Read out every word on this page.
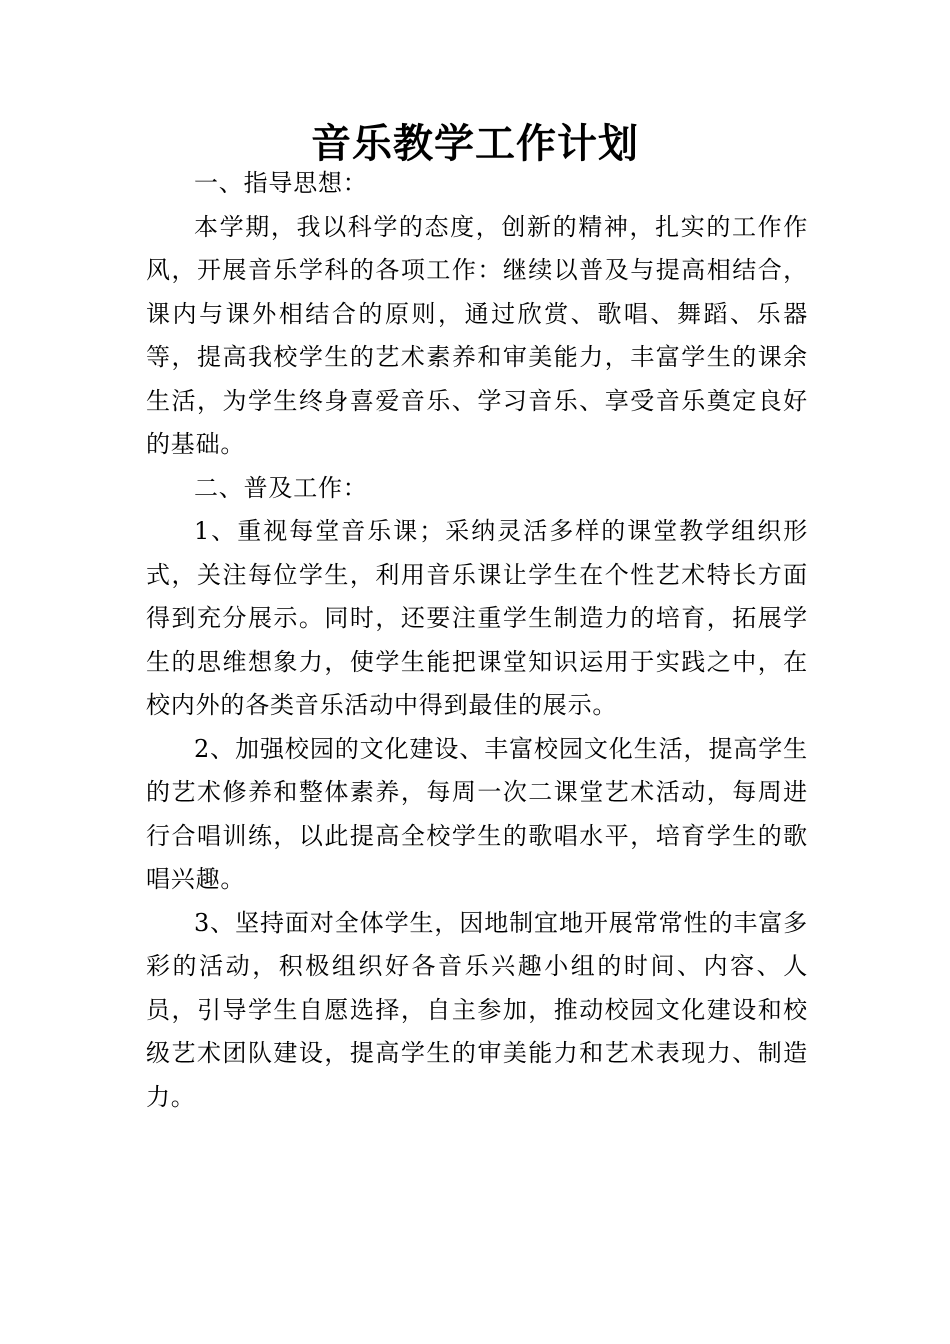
音乐教学工作计划

一、指导思想：

本学期，我以科学的态度，创新的精神，扎实的工作作风，开展音乐学科的各项工作：继续以普及与提高相结合，课内与课外相结合的原则，通过欣赏、歌唱、舞蹈、乐器等，提高我校学生的艺术素养和审美能力，丰富学生的课余生活，为学生终身喜爱音乐、学习音乐、享受音乐奠定良好的基础。

二、普及工作：

1、重视每堂音乐课；采纳灵活多样的课堂教学组织形式，关注每位学生，利用音乐课让学生在个性艺术特长方面得到充分展示。同时，还要注重学生制造力的培育，拓展学生的思维想象力，使学生能把课堂知识运用于实践之中，在校内外的各类音乐活动中得到最佳的展示。

2、加强校园的文化建设、丰富校园文化生活，提高学生的艺术修养和整体素养，每周一次二课堂艺术活动，每周进行合唱训练，以此提高全校学生的歌唱水平，培育学生的歌唱兴趣。

3、坚持面对全体学生，因地制宜地开展常常性的丰富多彩的活动，积极组织好各音乐兴趣小组的时间、内容、人员，引导学生自愿选择，自主参加，推动校园文化建设和校级艺术团队建设，提高学生的审美能力和艺术表现力、制造力。
